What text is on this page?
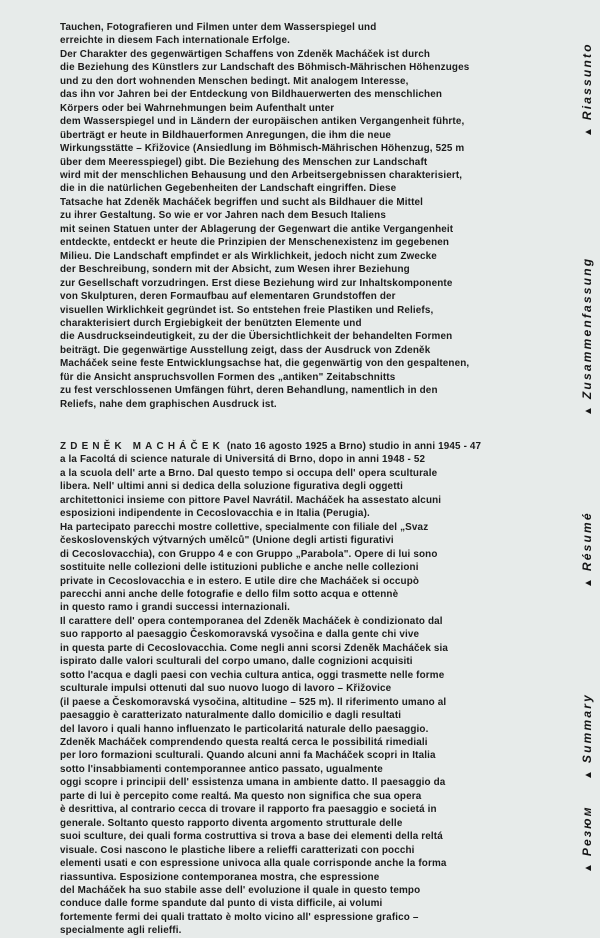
Tauchen, Fotografieren und Filmen unter dem Wasserspiegel und
erreichte in diesem Fach internationale Erfolge.
Der Charakter des gegenwärtigen Schaffens von Zdeněk Macháček ist durch
die Beziehung des Künstlers zur Landschaft des Böhmisch-Mährischen Höhenzuges
und zu den dort wohnenden Menschen bedingt. Mit analogem Interesse,
das ihn vor Jahren bei der Entdeckung von Bildhauerwerten des menschlichen
Körpers oder bei Wahrnehmungen beim Aufenthalt unter
dem Wasserspiegel und in Ländern der europäischen antiken Vergangenheit führte,
überträgt er heute in Bildhauerformen Anregungen, die ihm die neue
Wirkungsstätte – Křižovice (Ansiedlung im Böhmisch-Mährischen Höhenzug, 525 m
über dem Meeresspiegel) gibt. Die Beziehung des Menschen zur Landschaft
wird mit der menschlichen Behausung und den Arbeitsergebnissen charakterisiert,
die in die natürlichen Gegebenheiten der Landschaft eingriffen. Diese
Tatsache hat Zdeněk Macháček begriffen und sucht als Bildhauer die Mittel
zu ihrer Gestaltung. So wie er vor Jahren nach dem Besuch Italiens
mit seinen Statuen unter der Ablagerung der Gegenwart die antike Vergangenheit
entdeckte, entdeckt er heute die Prinzipien der Menschenexistenz im gegebenen
Milieu. Die Landschaft empfindet er als Wirklichkeit, jedoch nicht zum Zwecke
der Beschreibung, sondern mit der Absicht, zum Wesen ihrer Beziehung
zur Gesellschaft vorzudringen. Erst diese Beziehung wird zur Inhaltskomponente
von Skulpturen, deren Formaufbau auf elementaren Grundstoffen der
visuellen Wirklichkeit gegründet ist. So entstehen freie Plastiken und Reliefs,
charakterisiert durch Ergiebigkeit der benützten Elemente und
die Ausdruckseindeutigkeit, zu der die Übersichtlichkeit der behandelten Formen
beiträgt. Die gegenwärtige Ausstellung zeigt, dass der Ausdruck von Zdeněk
Macháček seine feste Entwicklungsachse hat, die gegenwärtig von den gespaltenen,
für die Ansicht anspruchsvollen Formen des „antiken" Zeitabschnitts
zu fest verschlossenen Umfängen führt, deren Behandlung, namentlich in den
Reliefs, nahe dem graphischen Ausdruck ist.
ZDENĚK MACHÁČEK (nato 16 agosto 1925 a Brno) studio in anni 1945 - 47
a la Facoltá di science naturale di Universitá di Brno, dopo in anni 1948 - 52
a la scuola dell' arte a Brno. Dal questo tempo si occupa dell' opera sculturale
libera. Nell' ultimi anni si dedica della soluzione figurativa degli oggetti
architettonici insieme con pittore Pavel Navrátil. Macháček ha assestato alcuni
esposizioni indipendente in Cecoslovacchia e in Italia (Perugia).
Ha partecipato parecchi mostre collettive, specialmente con filiale del „Svaz
československých výtvarných umělců" (Unione degli artisti figurativi
di Cecoslovacchia), con Gruppo 4 e con Gruppo „Parabola". Opere di lui sono
sostituite nelle collezioni delle istituzioni publiche e anche nelle collezioni
private in Cecoslovacchia e in estero. E utile dire che Macháček si occupò
parecchi anni anche delle fotografie e dello film sotto acqua e ottennè
in questo ramo i grandi successi internazionali.
Il carattere dell' opera contemporanea del Zdeněk Macháček è condizionato dal
suo rapporto al paesaggio Českomoravská vysočina e dalla gente chi vive
in questa parte di Cecoslovacchia. Come negli anni scorsi Zdeněk Macháček sia
ispirato dalle valori sculturali del corpo umano, dalle cognizioni acquisiti
sotto l'acqua e dagli paesi con vechia cultura antica, oggi trasmette nelle forme
sculturale impulsi ottenuti dal suo nuovo luogo di lavoro – Křižovice
(il paese a Českomoravská vysočina, altitudine – 525 m). Il riferimento umano al
paesaggio è caratterizato naturalmente dallo domicilio e dagli resultati
del lavoro i quali hanno influenzato le particolaritá naturale dello paesaggio.
Zdeněk Macháček comprendendo questa realtá cerca le possibilitá rimediali
per loro formazioni sculturali. Quando alcuni anni fa Macháček scopri in Italia
sotto l'insabbiamenti contemporannee antico passato, ugualmente
oggi scopre i principii dell' essistenza umana in ambiente datto. Il paesaggio da
parte di lui è percepito come realtá. Ma questo non significa che sua opera
è desrittiva, al contrario cecca di trovare il rapporto fra paesaggio e societá in
generale. Soltanto questo rapporto diventa argomento strutturale delle
suoi sculture, dei quali forma costruttiva si trova a base dei elementi della reltá
visuale. Cosi nascono le plastiche libere a relieffi caratterizati con pocchi
elementi usati e con espressione univoca alla quale corrisponde anche la forma
riassuntiva. Esposizione contemporanea mostra, che espressione
del Macháček ha suo stabile asse dell' evoluzione il quale in questo tempo
conduce dalle forme spandute dal punto di vista difficile, ai volumi
fortemente fermi dei quali trattato è molto vicino all' espressione grafico –
specialmente agli relieffi.
▲Riassunto
▲Zusammenfassung
▲Résumé
▲Summary
▲Резюм
